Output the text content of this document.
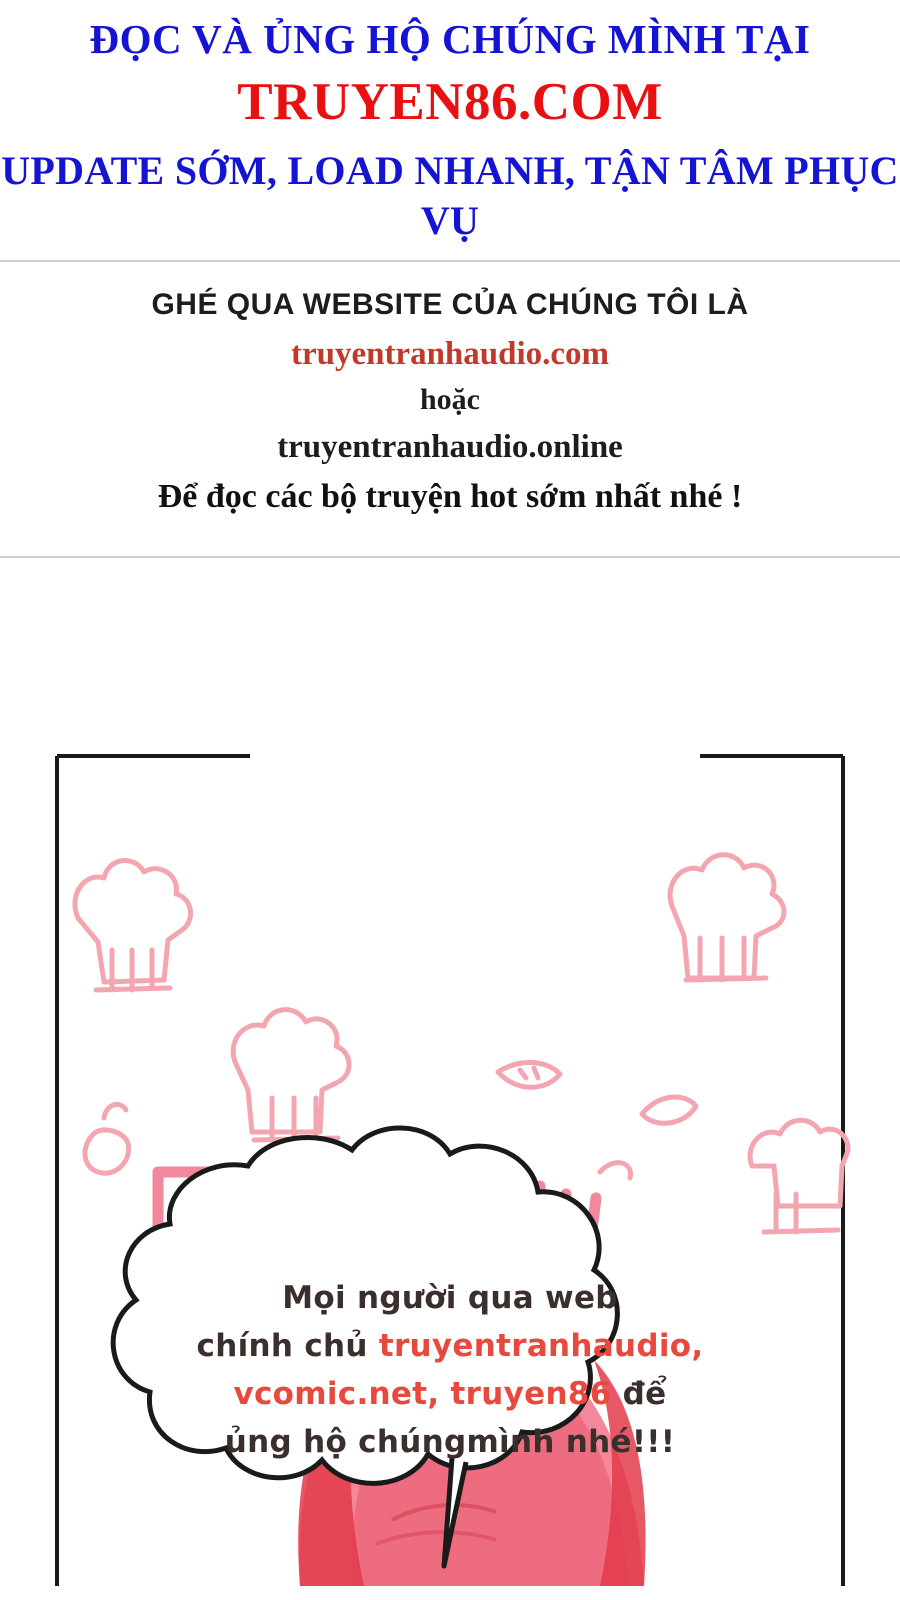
ĐỌC VÀ ỦNG HỘ CHÚNG MÌNH TẠI
TRUYEN86.COM
UPDATE SỚM, LOAD NHANH, TẬN TÂM PHỤC VỤ
GHÉ QUA WEBSITE CỦA CHÚNG TÔI LÀ
truyentranhaudio.com
hoặc
truyentranhaudio.online
Để đọc các bộ truyện hot sớm nhất nhé !
Mọi người qua web
chính chủ truyentranhaudio,
vcomic.net, truyen86 để
ủng hộ chúngmình nhé!!!
